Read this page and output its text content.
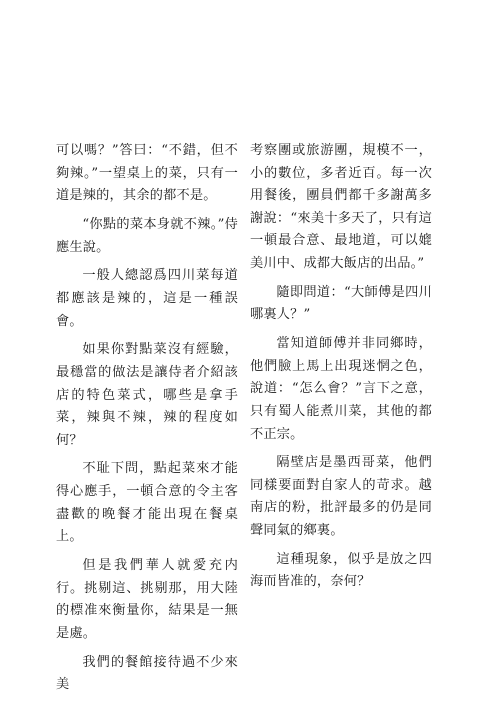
可以嗎？”答曰：“不錯，但不夠辣。”一望桌上的菜，只有一道是辣的，其余的都不是。

“你點的菜本身就不辣。”侍應生說。

一般人總認爲四川菜每道都應該是辣的，這是一種誤會。

如果你對點菜沒有經驗，最穩當的做法是讓侍者介紹該店的特色菜式，哪些是拿手菜，辣與不辣，辣的程度如何？

不耻下問，點起菜來才能得心應手，一頓合意的令主客盡歡的晚餐才能出現在餐桌上。

但是我們華人就愛充内行。挑剔這、挑剔那，用大陸的標准來衡量你，結果是一無是處。

我們的餐館接待過不少來美

考察團或旅游團，規模不一，小的數位，多者近百。每一次用餐後，團員們都千多謝萬多謝說：“來美十多天了，只有這一頓最合意、最地道，可以媲美川中、成都大飯店的出品。”

隨即問道：“大師傅是四川哪裏人？”

當知道師傅并非同鄉時，他們臉上馬上出現迷惘之色，說道：“怎么會？”言下之意，只有蜀人能煮川菜，其他的都不正宗。

隔壁店是墨西哥菜，他們同樣要面對自家人的苛求。越南店的粉，批評最多的仍是同聲同氣的鄉裏。

這種現象，似乎是放之四海而皆准的，奈何？
